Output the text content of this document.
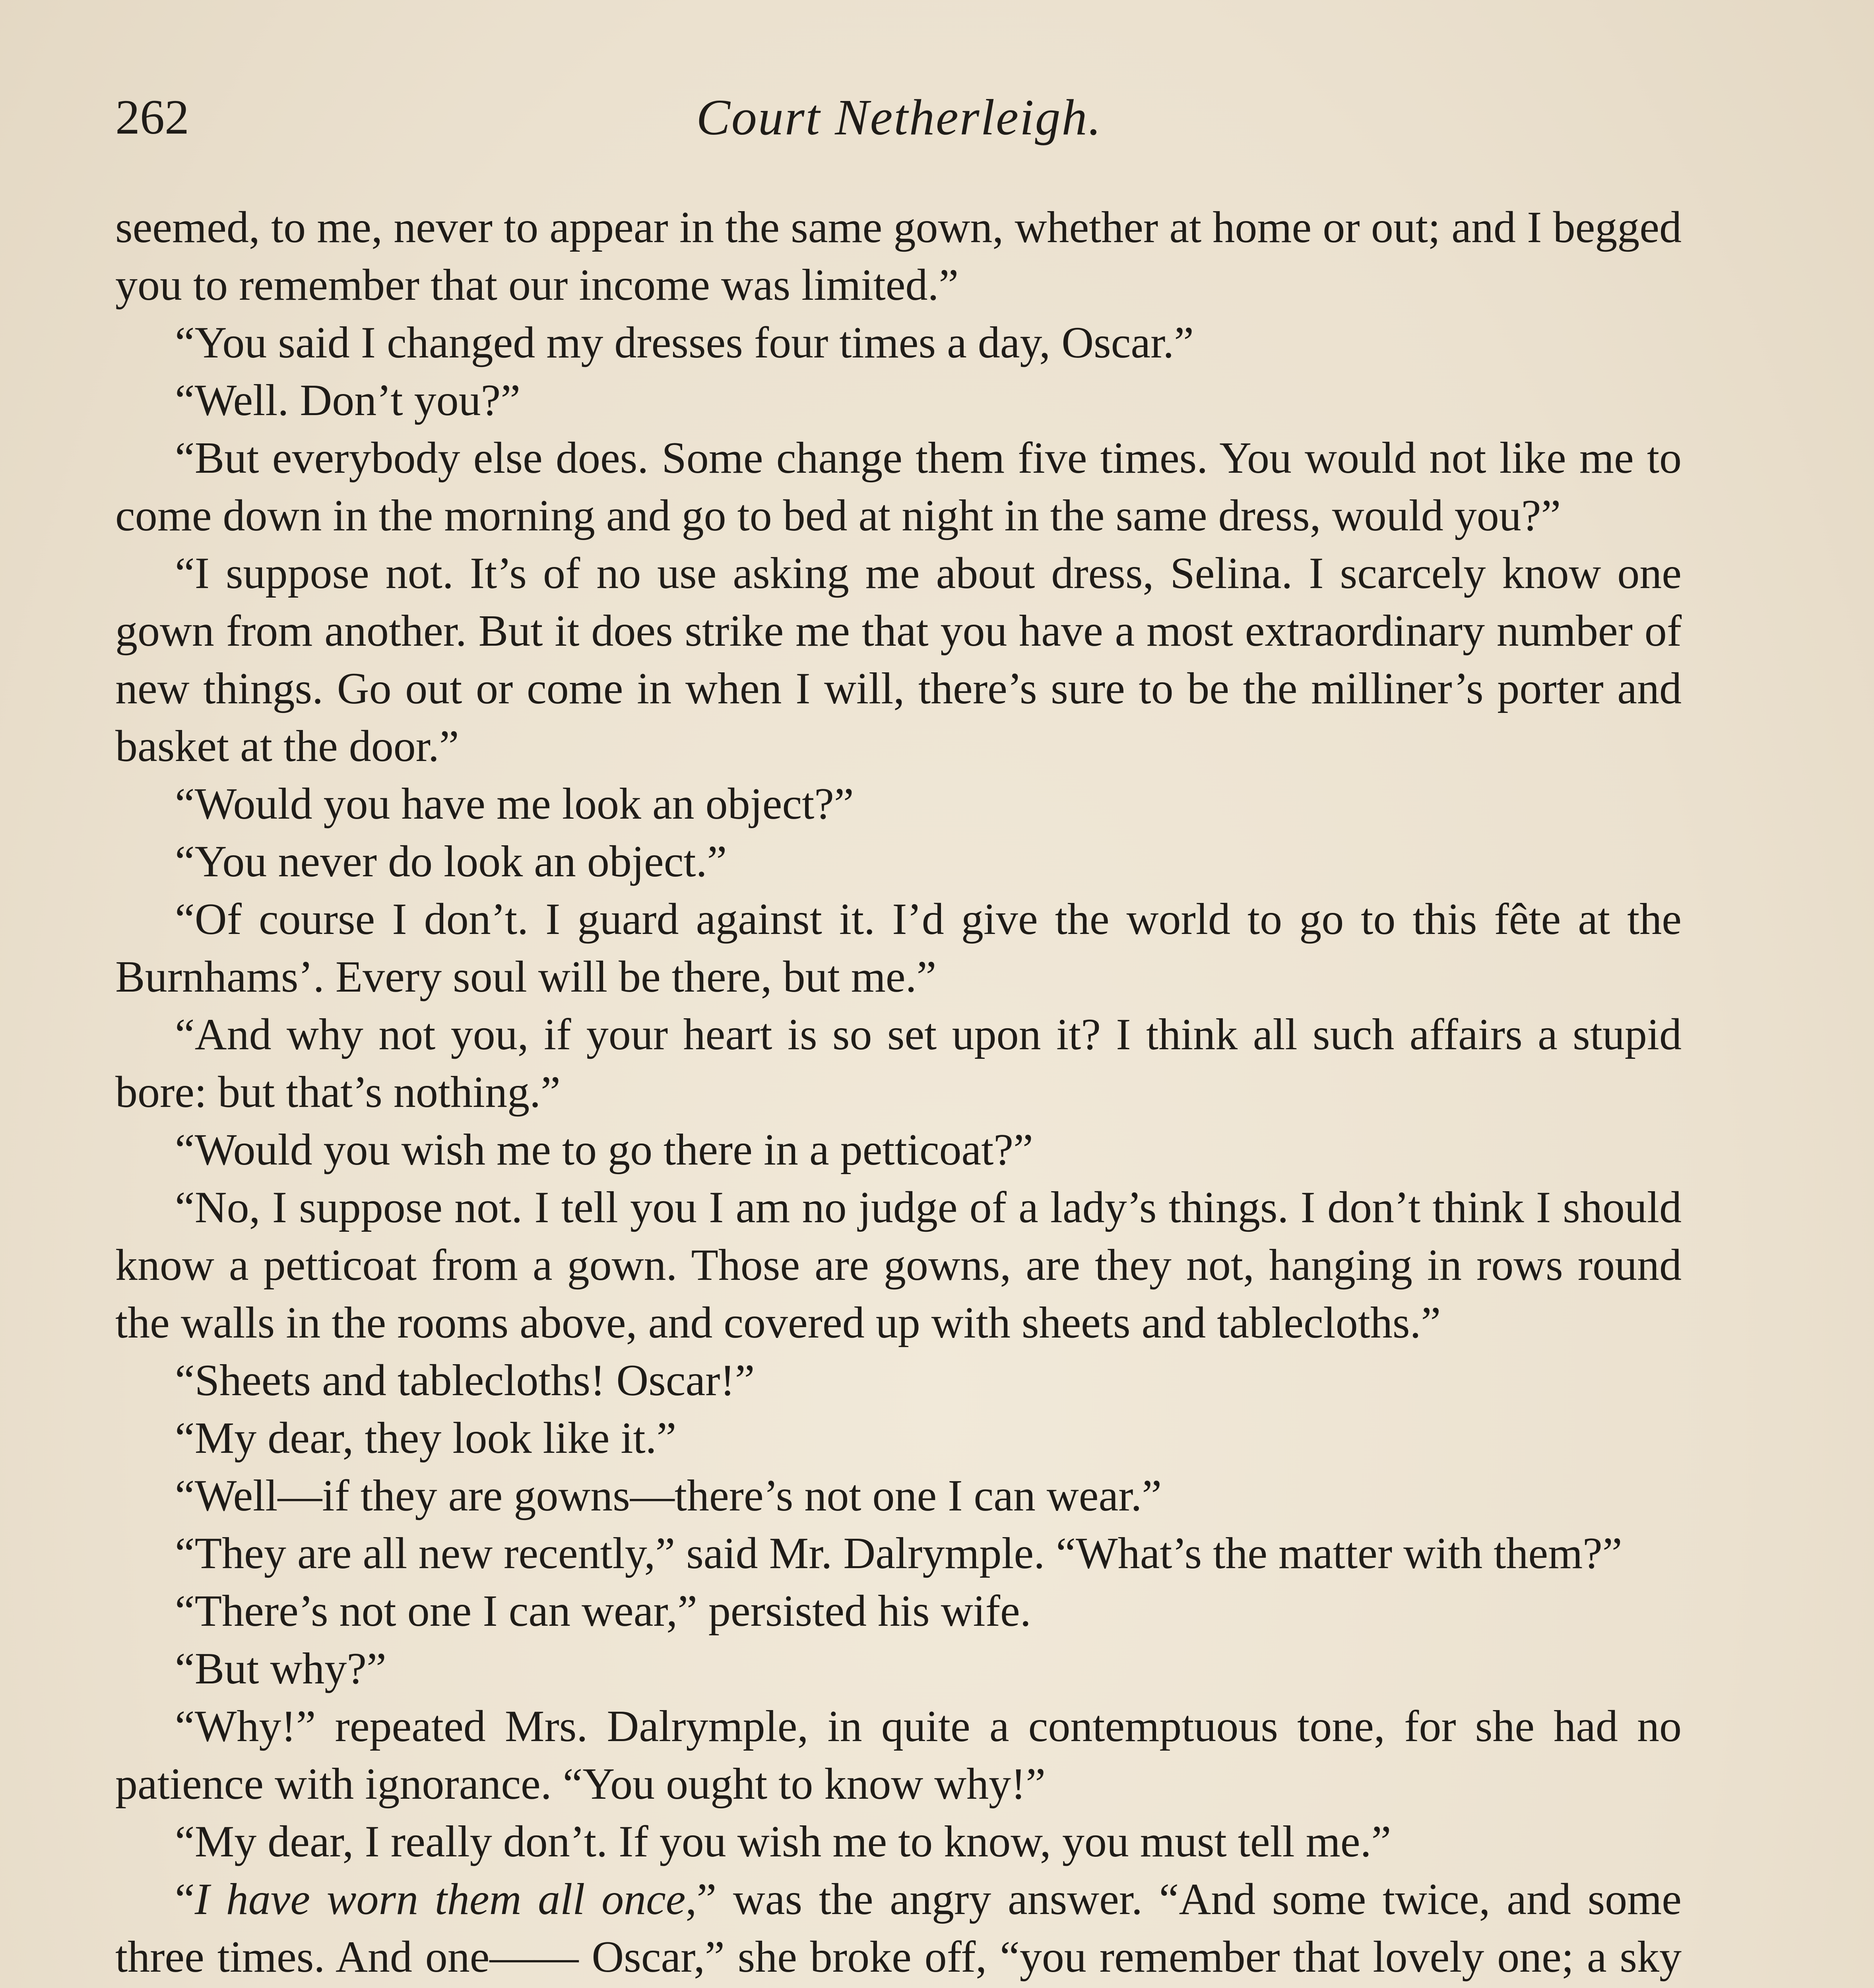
262	Court Netherleigh.

seemed, to me, never to appear in the same gown, whether at home or out; and I begged you to remember that our income was limited.”

“You said I changed my dresses four times a day, Oscar.”

“Well. Don’t you?”

“But everybody else does. Some change them five times. You would not like me to come down in the morning and go to bed at night in the same dress, would you?”

“I suppose not. It’s of no use asking me about dress, Selina. I scarcely know one gown from another. But it does strike me that you have a most extraordinary number of new things. Go out or come in when I will, there’s sure to be the milliner’s porter and basket at the door.”

“Would you have me look an object?”

“You never do look an object.”

“Of course I don’t. I guard against it. I’d give the world to go to this fête at the Burnhams’. Every soul will be there, but me.”

“And why not you, if your heart is so set upon it? I think all such affairs a stupid bore: but that’s nothing.”

“Would you wish me to go there in a petticoat?”

“No, I suppose not. I tell you I am no judge of a lady’s things. I don’t think I should know a petticoat from a gown. Those are gowns, are they not, hanging in rows round the walls in the rooms above, and covered up with sheets and tablecloths.”

“Sheets and tablecloths! Oscar!”

“My dear, they look like it.”

“Well—if they are gowns—there’s not one I can wear.”

“They are all new recently,” said Mr. Dalrymple. “What’s the matter with them?”

“There’s not one I can wear,” persisted his wife.

“But why?”

“Why!” repeated Mrs. Dalrymple, in quite a contemptuous tone, for she had no patience with ignorance. “You ought to know why!”

“My dear, I really don’t. If you wish me to know, you must tell me.”

“I have worn them all once,” was the angry answer. “And some twice, and some three times. And one—— Oscar,” she broke off, “you remember that lovely one; a sky
